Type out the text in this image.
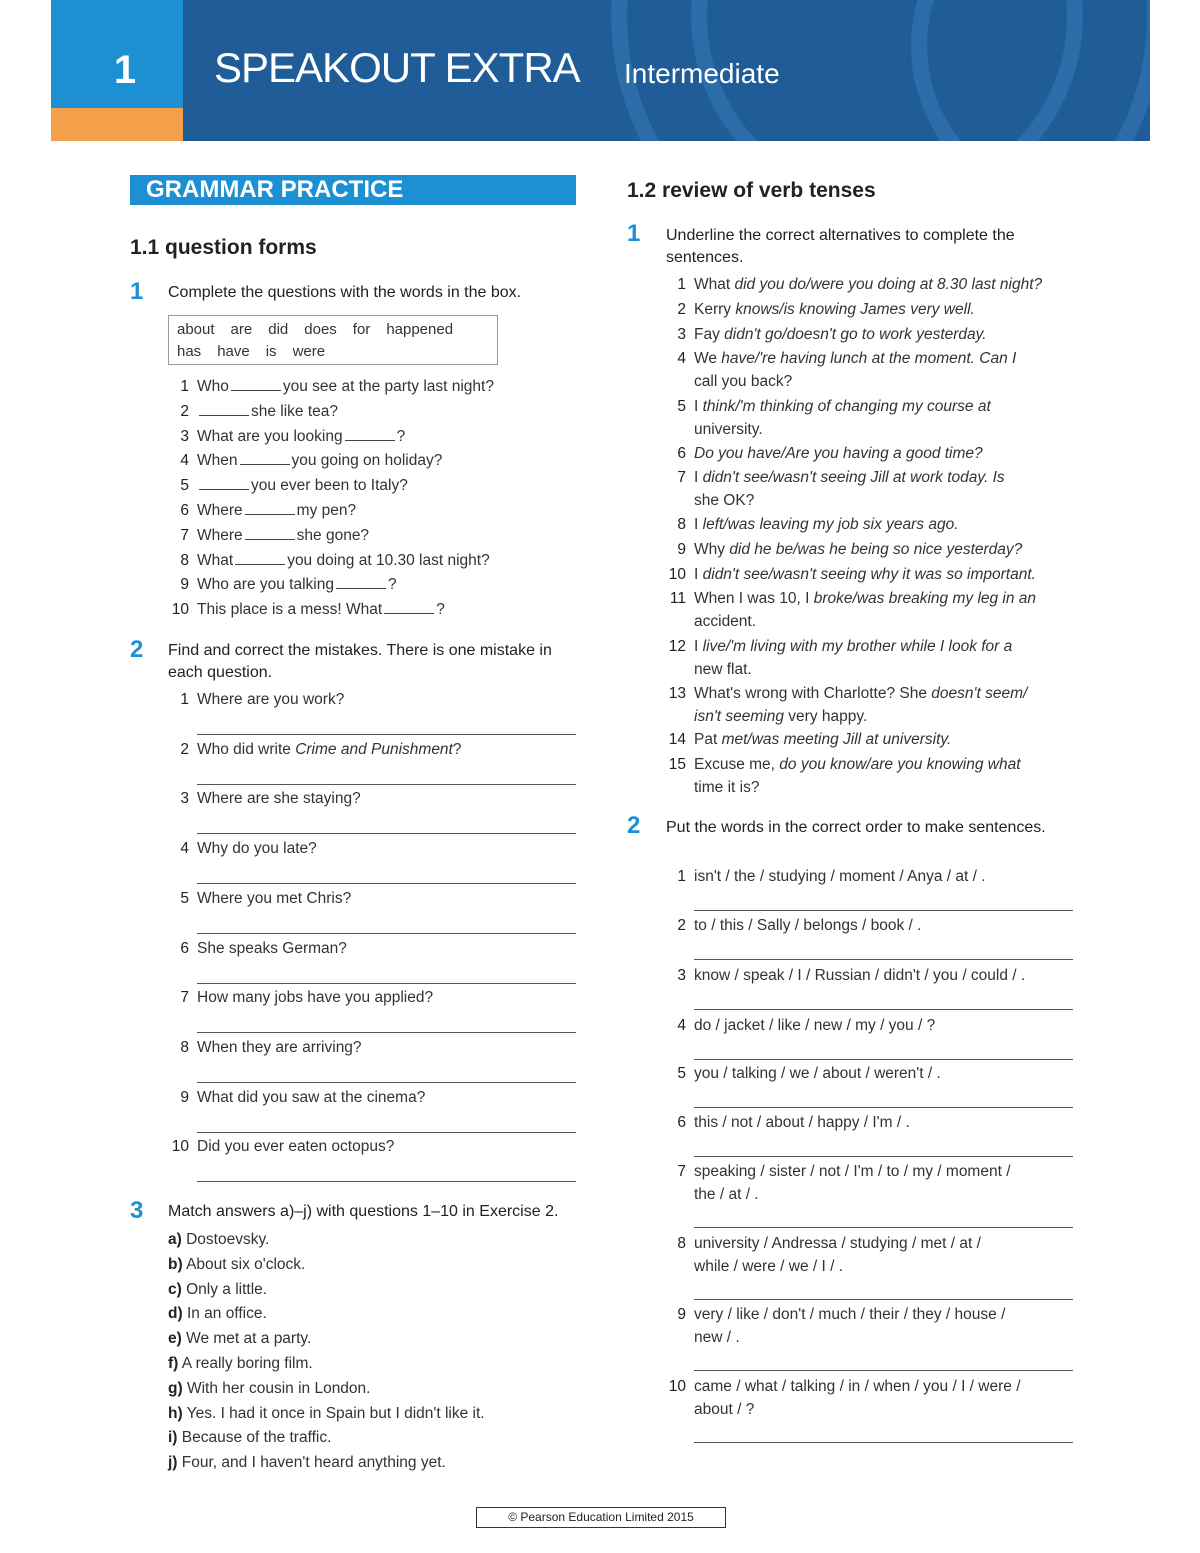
1	SPEAKOUT EXTRA Intermediate
GRAMMAR PRACTICE
1.1 question forms
1 Complete the questions with the words in the box.
about are did does for happened
has have is were
1 Who	you see at the party last night?
2	she like tea?
3 What are you looking	?
4 When	you going on holiday?
5	you ever been to Italy?
6 Where	my pen?
7 Where	she gone?
8 What	you doing at 10.30 last night?
9 Who are you talking	?
10 This place is a mess! What	?
2 Find and correct the mistakes. There is one mistake in each question.
1 Where are you work?
2 Who did write Crime and Punishment?
3 Where are she staying?
4 Why do you late?
5 Where you met Chris?
6 She speaks German?
7 How many jobs have you applied?
8 When they are arriving?
9 What did you saw at the cinema?
10 Did you ever eaten octopus?
3 Match answers a)–j) with questions 1–10 in Exercise 2.
a) Dostoevsky.
b) About six o'clock.
c) Only a little.
d) In an office.
e) We met at a party.
f) A really boring film.
g) With her cousin in London.
h) Yes. I had it once in Spain but I didn't like it.
i) Because of the traffic.
j) Four, and I haven't heard anything yet.
1.2 review of verb tenses
1 Underline the correct alternatives to complete the sentences.
1 What did you do/were you doing at 8.30 last night?
2 Kerry knows/is knowing James very well.
3 Fay didn't go/doesn't go to work yesterday.
4 We have/'re having lunch at the moment. Can I
call you back?
5 I think/'m thinking of changing my course at
university.
6 Do you have/Are you having a good time?
7 I didn't see/wasn't seeing Jill at work today. Is
she OK?
8 I left/was leaving my job six years ago.
9 Why did he be/was he being so nice yesterday?
10 I didn't see/wasn't seeing why it was so important.
11 When I was 10, I broke/was breaking my leg in an
accident.
12 I live/'m living with my brother while I look for a
new flat.
13 What's wrong with Charlotte? She doesn't seem/
isn't seeming very happy.
14 Pat met/was meeting Jill at university.
15 Excuse me, do you know/are you knowing what
time it is?
2 Put the words in the correct order to make sentences.
1 isn't / the / studying / moment / Anya / at / .
2 to / this / Sally / belongs / book / .
3 know / speak / I / Russian / didn't / you / could / .
4 do / jacket / like / new / my / you / ?
5 you / talking / we / about / weren't / .
6 this / not / about / happy / I'm / .
7 speaking / sister / not / I'm / to / my / moment /
the / at / .
8 university / Andressa / studying / met / at /
while / were / we / I / .
9 very / like / don't / much / their / they / house /
new / .
10 came / what / talking / in / when / you / I / were /
about / ?
© Pearson Education Limited 2015
